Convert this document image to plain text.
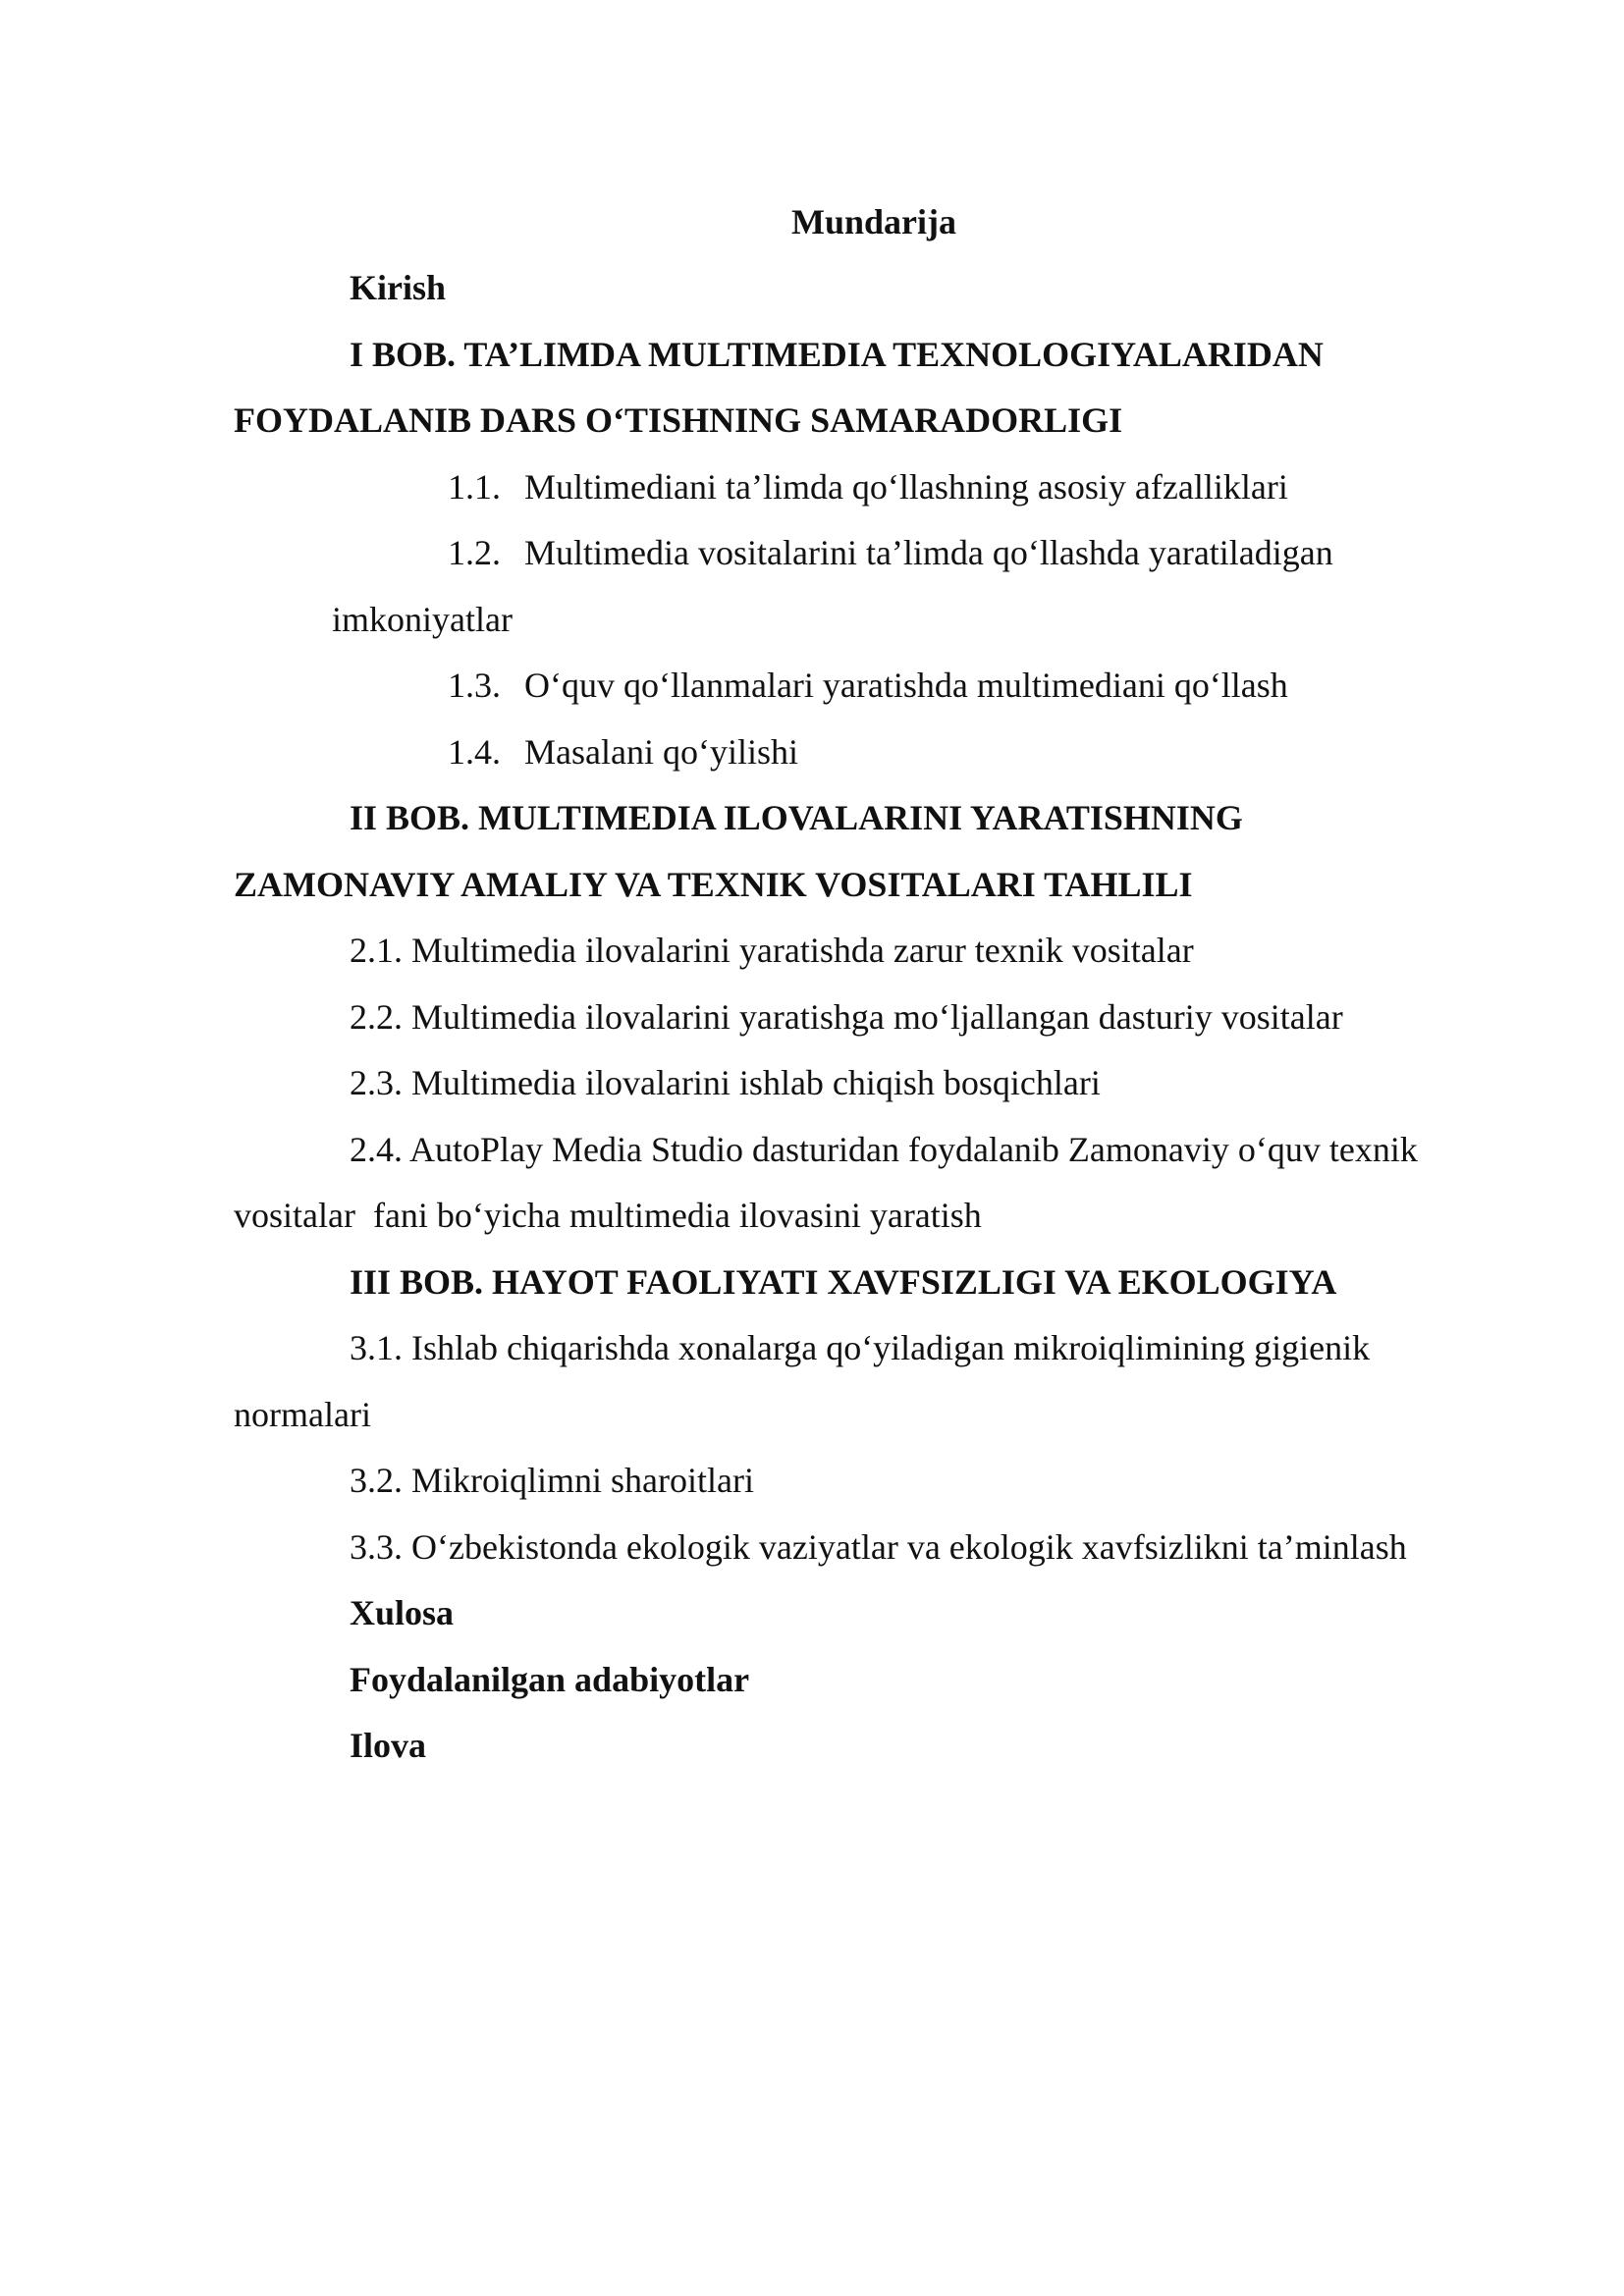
Mundarija
Kirish
I BOB. TA’LIMDA MULTIMEDIA TEXNOLOGIYALARIDAN
FOYDALANIB DARS O‘TISHNING SAMARADORLIGI
1.1. Multimediani ta’limda qo‘llashning asosiy afzalliklari
1.2. Multimedia vositalarini ta’limda qo‘llashda yaratiladigan
imkoniyatlar
1.3. O‘quv qo‘llanmalari yaratishda multimediani qo‘llash
1.4. Masalani qo‘yilishi
II BOB. MULTIMEDIA ILOVALARINI YARATISHNING
ZAMONAVIY AMALIY VA TEXNIK VOSITALARI TAHLILI
2.1. Multimedia ilovalarini yaratishda zarur texnik vositalar
2.2. Multimedia ilovalarini yaratishga mo‘ljallangan dasturiy vositalar
2.3. Multimedia ilovalarini ishlab chiqish bosqichlari
2.4. AutoPlay Media Studio dasturidan foydalanib Zamonaviy o‘quv texnik
vositalar  fani bo‘yicha multimedia ilovasini yaratish
III BOB. HAYOT FAOLIYATI XAVFSIZLIGI VA EKOLOGIYA
3.1. Ishlab chiqarishda xonalarga qo‘yiladigan mikroiqlimining gigienik
normalari
3.2. Mikroiqlimni sharoitlari
3.3. O‘zbekistonda ekologik vaziyatlar va ekologik xavfsizlikni ta’minlash
Xulosa
Foydalanilgan adabiyotlar
Ilova
